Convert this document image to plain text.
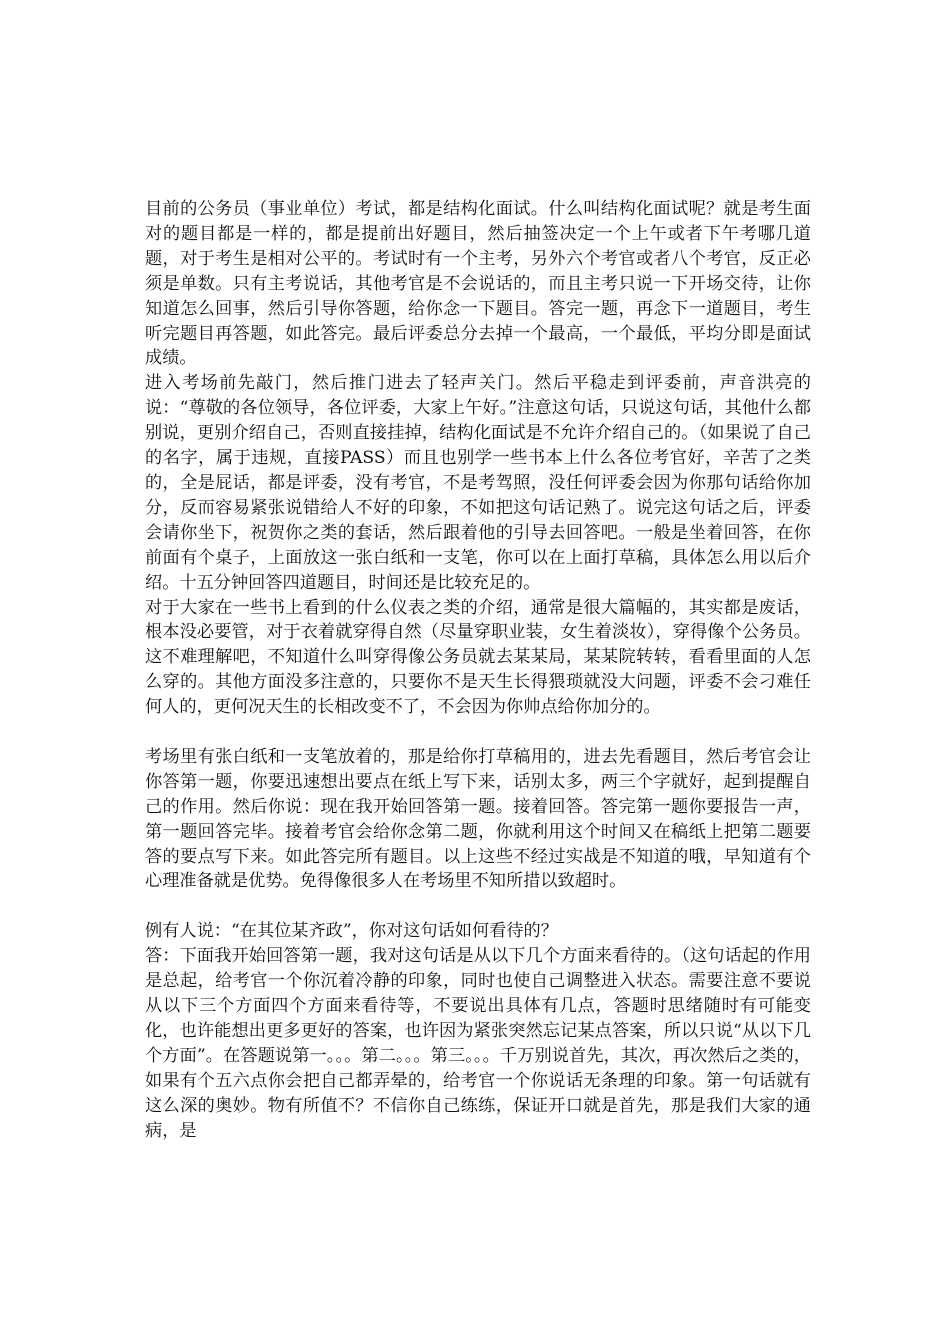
目前的公务员（事业单位）考试，都是结构化面试。什么叫结构化面试呢？就是考生面对的题目都是一样的，都是提前出好题目，然后抽签决定一个上午或者下午考哪几道题，对于考生是相对公平的。考试时有一个主考，另外六个考官或者八个考官，反正必须是单数。只有主考说话，其他考官是不会说话的，而且主考只说一下开场交待，让你知道怎么回事，然后引导你答题，给你念一下题目。答完一题，再念下一道题目，考生听完题目再答题，如此答完。最后评委总分去掉一个最高，一个最低，平均分即是面试成绩。

进入考场前先敲门，然后推门进去了轻声关门。然后平稳走到评委前，声音洪亮的说：“尊敬的各位领导，各位评委，大家上午好。”注意这句话，只说这句话，其他什么都别说，更别介绍自己，否则直接挂掉，结构化面试是不允许介绍自己的。（如果说了自己的名字，属于违规，直接PASS）而且也别学一些书本上什么各位考官好，辛苦了之类的，全是屁话，都是评委，没有考官，不是考驾照，没任何评委会因为你那句话给你加分，反而容易紧张说错给人不好的印象，不如把这句话记熟了。说完这句话之后，评委会请你坐下，祝贺你之类的套话，然后跟着他的引导去回答吧。一般是坐着回答，在你前面有个桌子，上面放这一张白纸和一支笔，你可以在上面打草稿，具体怎么用以后介绍。十五分钟回答四道题目，时间还是比较充足的。

对于大家在一些书上看到的什么仪表之类的介绍，通常是很大篇幅的，其实都是废话，根本没必要管，对于衣着就穿得自然（尽量穿职业装，女生着淡妆），穿得像个公务员。这不难理解吧，不知道什么叫穿得像公务员就去某某局，某某院转转，看看里面的人怎么穿的。其他方面没多注意的，只要你不是天生长得猥琐就没大问题，评委不会刁难任何人的，更何况天生的长相改变不了，不会因为你帅点给你加分的。

考场里有张白纸和一支笔放着的，那是给你打草稿用的，进去先看题目，然后考官会让你答第一题，你要迅速想出要点在纸上写下来，话别太多，两三个字就好，起到提醒自己的作用。然后你说：现在我开始回答第一题。接着回答。答完第一题你要报告一声，第一题回答完毕。接着考官会给你念第二题，你就利用这个时间又在稿纸上把第二题要答的要点写下来。如此答完所有题目。以上这些不经过实战是不知道的哦，早知道有个心理准备就是优势。免得像很多人在考场里不知所措以致超时。

例有人说：“在其位某齐政”，你对这句话如何看待的？

答：下面我开始回答第一题，我对这句话是从以下几个方面来看待的。（这句话起的作用是总起，给考官一个你沉着冷静的印象，同时也使自己调整进入状态。需要注意不要说从以下三个方面四个方面来看待等，不要说出具体有几点，答题时思绪随时有可能变化，也许能想出更多更好的答案，也许因为紧张突然忘记某点答案，所以只说“从以下几个方面”。在答题说第一。。。第二。。。第三。。。千万别说首先，其次，再次然后之类的，如果有个五六点你会把自己都弄晕的，给考官一个你说话无条理的印象。第一句话就有这么深的奥妙。物有所值不？不信你自己练练，保证开口就是首先，那是我们大家的通病，是
